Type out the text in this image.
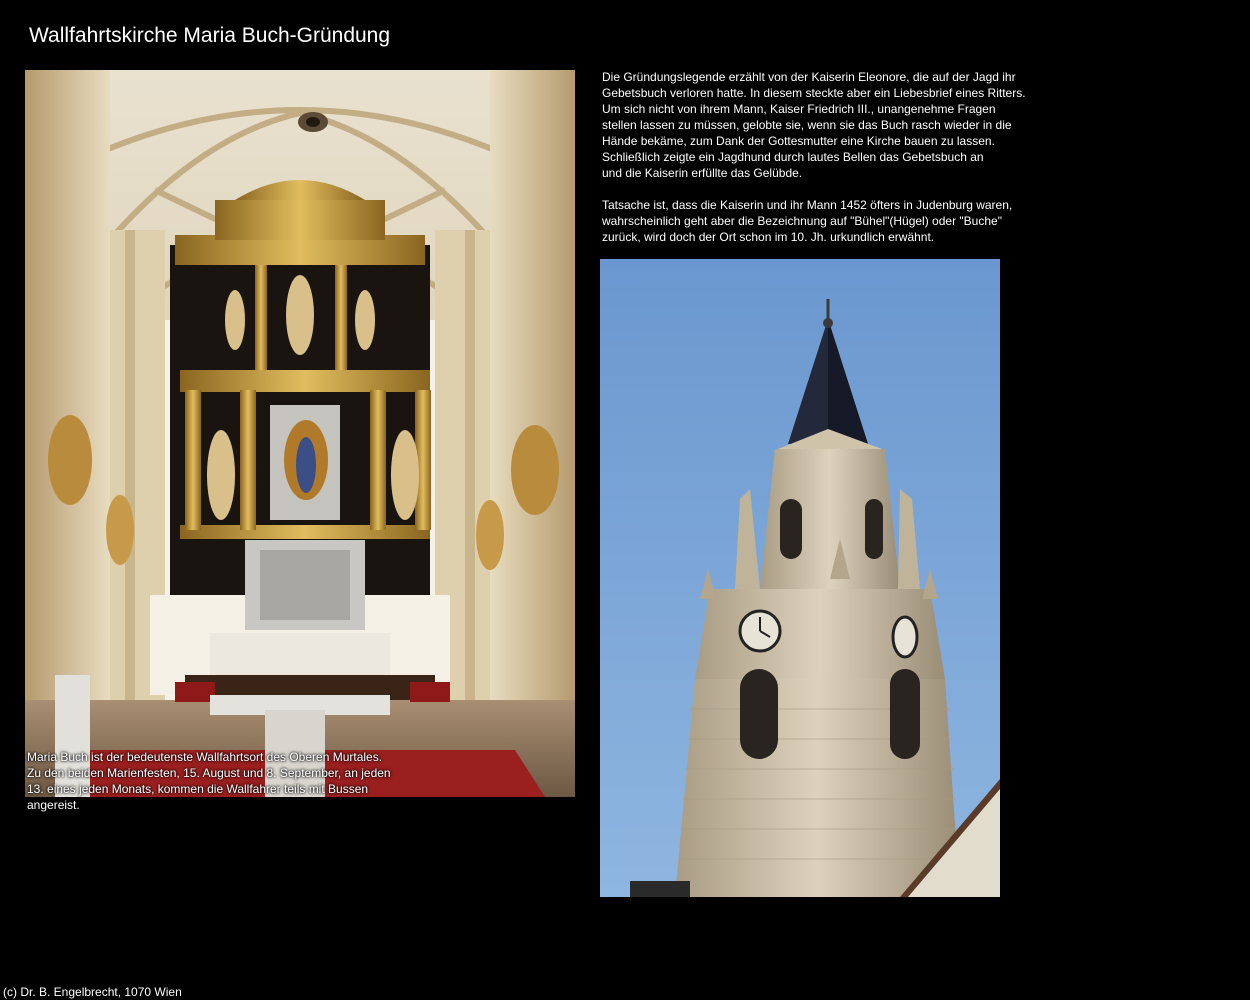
Wallfahrtskirche Maria Buch-Gründung

Maria Buch ist der bedeutenste Wallfahrtsort des Oberen Murtales.

Zu den beiden Marienfesten, 15. August und 8. September, an jeden

13. eines jeden Monats, kommen die Wallfahrer teils mit Bussen

angereist.

Die Gründungslegende erzählt von der Kaiserin Eleonore, die auf der Jagd ihr
Gebetsbuch verloren hatte. In diesem steckte aber ein Liebesbrief eines Ritters.
Um sich nicht von ihrem Mann, Kaiser Friedrich III., unangenehme Fragen
stellen lassen zu müssen, gelobte sie, wenn sie das Buch rasch wieder in die
Hände bekäme, zum Dank der Gottesmutter eine Kirche bauen zu lassen.
Schließlich zeigte ein Jagdhund durch lautes Bellen das Gebetsbuch an
und die Kaiserin erfüllte das Gelübde.

Tatsache ist, dass die Kaiserin und ihr Mann 1452 öfters in Judenburg waren,
wahrscheinlich geht aber die Bezeichnung auf "Bühel"(Hügel) oder "Buche"
zurück, wird doch der Ort schon im 10. Jh. urkundlich erwähnt.

(c) Dr. B. Engelbrecht, 1070 Wien
